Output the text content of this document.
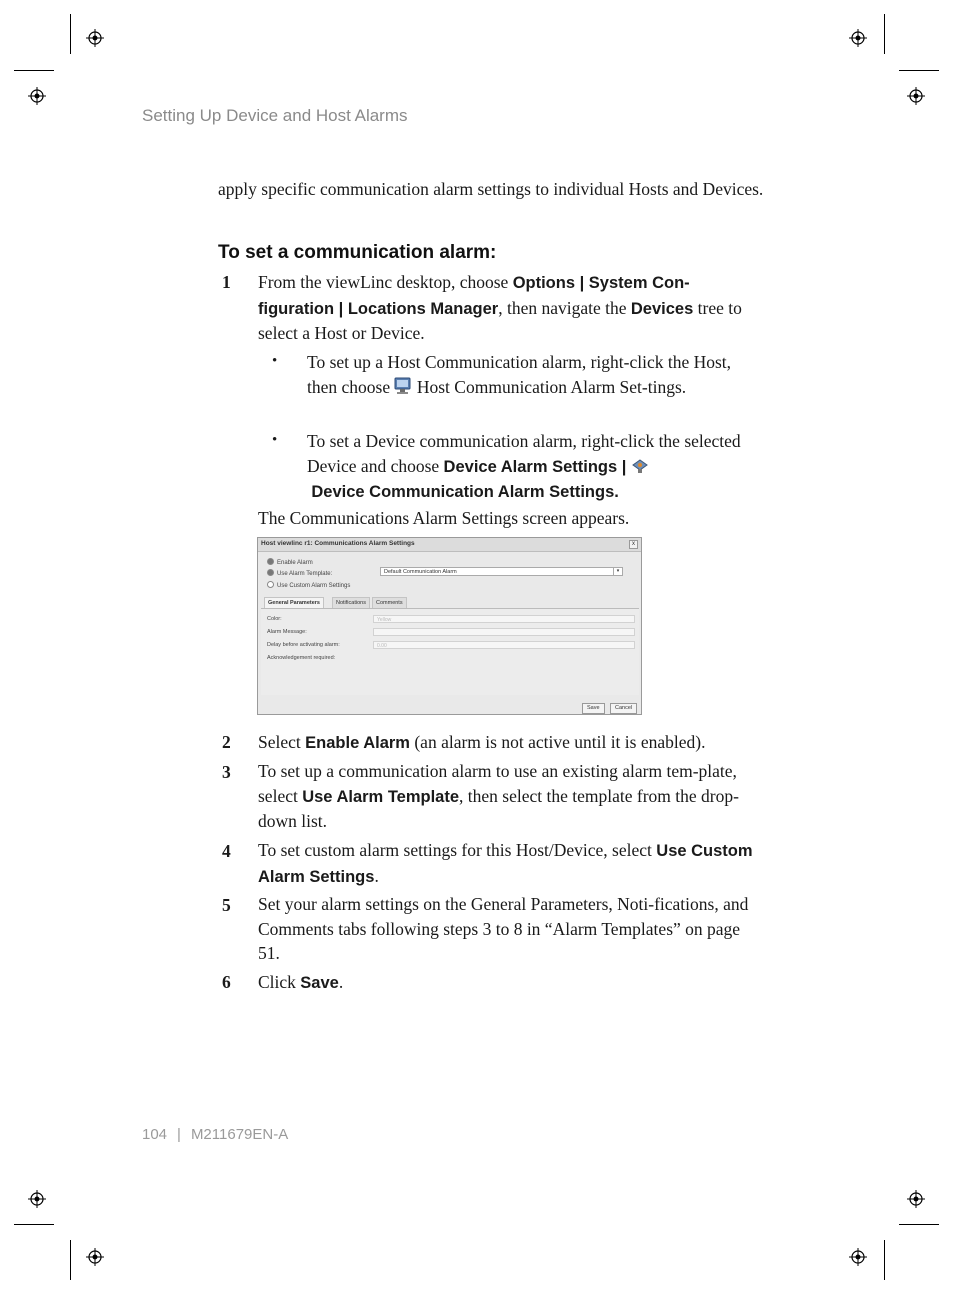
Setting Up Device and Host Alarms
apply specific communication alarm settings to individual Hosts and Devices.
To set a communication alarm:
1	From the viewLinc desktop, choose Options | System Con-figuration | Locations Manager, then navigate the Devices tree to select a Host or Device.
• To set up a Host Communication alarm, right-click the Host, then choose  Host Communication Alarm Set-tings.
• To set a Device communication alarm, right-click the selected Device and choose Device Alarm Settings |
Device Communication Alarm Settings.
The Communications Alarm Settings screen appears.
Host viewlinc r1: Communications Alarm Settings	x
Enable Alarm
Use Alarm Template:
Use Custom Alarm Settings
Default Communication Alarm	▾
General Parameters	Notifications	Comments
Color:	Yellow
Alarm Message:
Delay before activating alarm:	0.00
Acknowledgement required:
Save	Cancel
2	Select Enable Alarm (an alarm is not active until it is enabled).
3	To set up a communication alarm to use an existing alarm tem-plate, select Use Alarm Template, then select the template from the drop-down list.
4	To set custom alarm settings for this Host/Device, select Use Custom Alarm Settings.
5	Set your alarm settings on the General Parameters, Noti-fications, and Comments tabs following steps 3 to 8 in “Alarm Templates” on page 51.
6	Click Save.
104 | M211679EN-A
